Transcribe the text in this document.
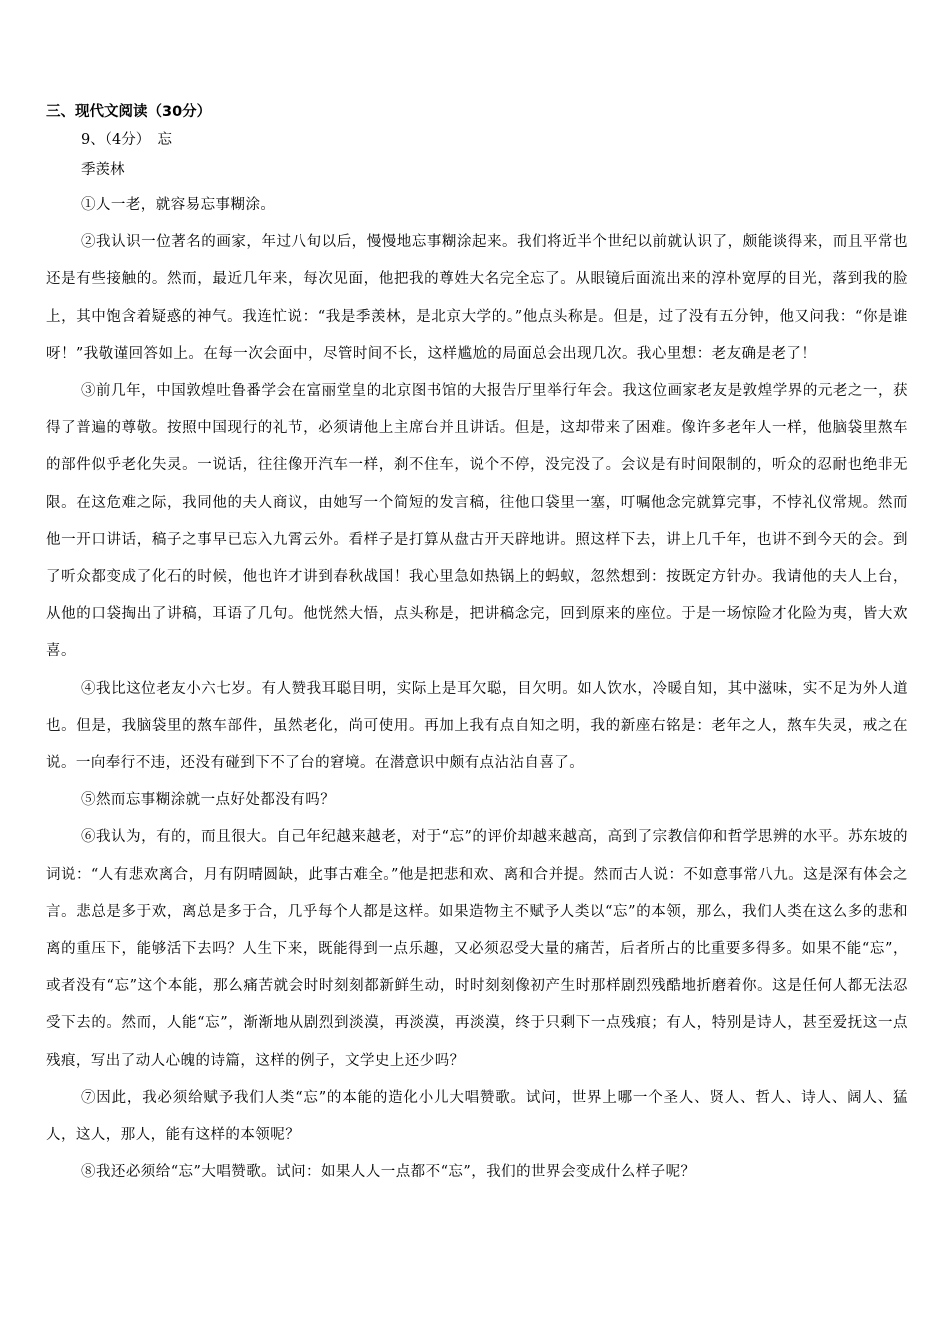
三、现代文阅读（30分）

9、（4分）　忘

季羡林

①人一老，就容易忘事糊涂。

②我认识一位著名的画家，年过八旬以后，慢慢地忘事糊涂起来。我们将近半个世纪以前就认识了，颇能谈得来，而且平常也还是有些接触的。然而，最近几年来，每次见面，他把我的尊姓大名完全忘了。从眼镜后面流出来的淳朴宽厚的目光，落到我的脸上，其中饱含着疑惑的神气。我连忙说：“我是季羡林，是北京大学的。”他点头称是。但是，过了没有五分钟，他又问我：“你是谁呀！”我敬谨回答如上。在每一次会面中，尽管时间不长，这样尴尬的局面总会出现几次。我心里想：老友确是老了！

③前几年，中国敦煌吐鲁番学会在富丽堂皇的北京图书馆的大报告厅里举行年会。我这位画家老友是敦煌学界的元老之一，获得了普遍的尊敬。按照中国现行的礼节，必须请他上主席台并且讲话。但是，这却带来了困难。像许多老年人一样，他脑袋里熬车的部件似乎老化失灵。一说话，往往像开汽车一样，刹不住车，说个不停，没完没了。会议是有时间限制的，听众的忍耐也绝非无限。在这危难之际，我同他的夫人商议，由她写一个简短的发言稿，往他口袋里一塞，叮嘱他念完就算完事，不悖礼仪常规。然而他一开口讲话，稿子之事早已忘入九霄云外。看样子是打算从盘古开天辟地讲。照这样下去，讲上几千年，也讲不到今天的会。到了听众都变成了化石的时候，他也许才讲到春秋战国！我心里急如热锅上的蚂蚁，忽然想到：按既定方针办。我请他的夫人上台，从他的口袋掏出了讲稿，耳语了几句。他恍然大悟，点头称是，把讲稿念完，回到原来的座位。于是一场惊险才化险为夷，皆大欢喜。

④我比这位老友小六七岁。有人赞我耳聪目明，实际上是耳欠聪，目欠明。如人饮水，冷暖自知，其中滋味，实不足为外人道也。但是，我脑袋里的熬车部件，虽然老化，尚可使用。再加上我有点自知之明，我的新座右铭是：老年之人，熬车失灵，戒之在说。一向奉行不违，还没有碰到下不了台的窘境。在潜意识中颇有点沾沾自喜了。

⑤然而忘事糊涂就一点好处都没有吗？

⑥我认为，有的，而且很大。自己年纪越来越老，对于“忘”的评价却越来越高，高到了宗教信仰和哲学思辨的水平。苏东坡的词说：“人有悲欢离合，月有阴晴圆缺，此事古难全。”他是把悲和欢、离和合并提。然而古人说：不如意事常八九。这是深有体会之言。悲总是多于欢，离总是多于合，几乎每个人都是这样。如果造物主不赋予人类以“忘”的本领，那么，我们人类在这么多的悲和离的重压下，能够活下去吗？人生下来，既能得到一点乐趣，又必须忍受大量的痛苦，后者所占的比重要多得多。如果不能“忘”，或者没有“忘”这个本能，那么痛苦就会时时刻刻都新鲜生动，时时刻刻像初产生时那样剧烈残酷地折磨着你。这是任何人都无法忍受下去的。然而，人能“忘”，渐渐地从剧烈到淡漠，再淡漠，再淡漠，终于只剩下一点残痕；有人，特别是诗人，甚至爱抚这一点残痕，写出了动人心魄的诗篇，这样的例子，文学史上还少吗？

⑦因此，我必须给赋予我们人类“忘”的本能的造化小儿大唱赞歌。试问，世界上哪一个圣人、贤人、哲人、诗人、阔人、猛人，这人，那人，能有这样的本领呢？

⑧我还必须给“忘”大唱赞歌。试问：如果人人一点都不“忘”，我们的世界会变成什么样子呢？
